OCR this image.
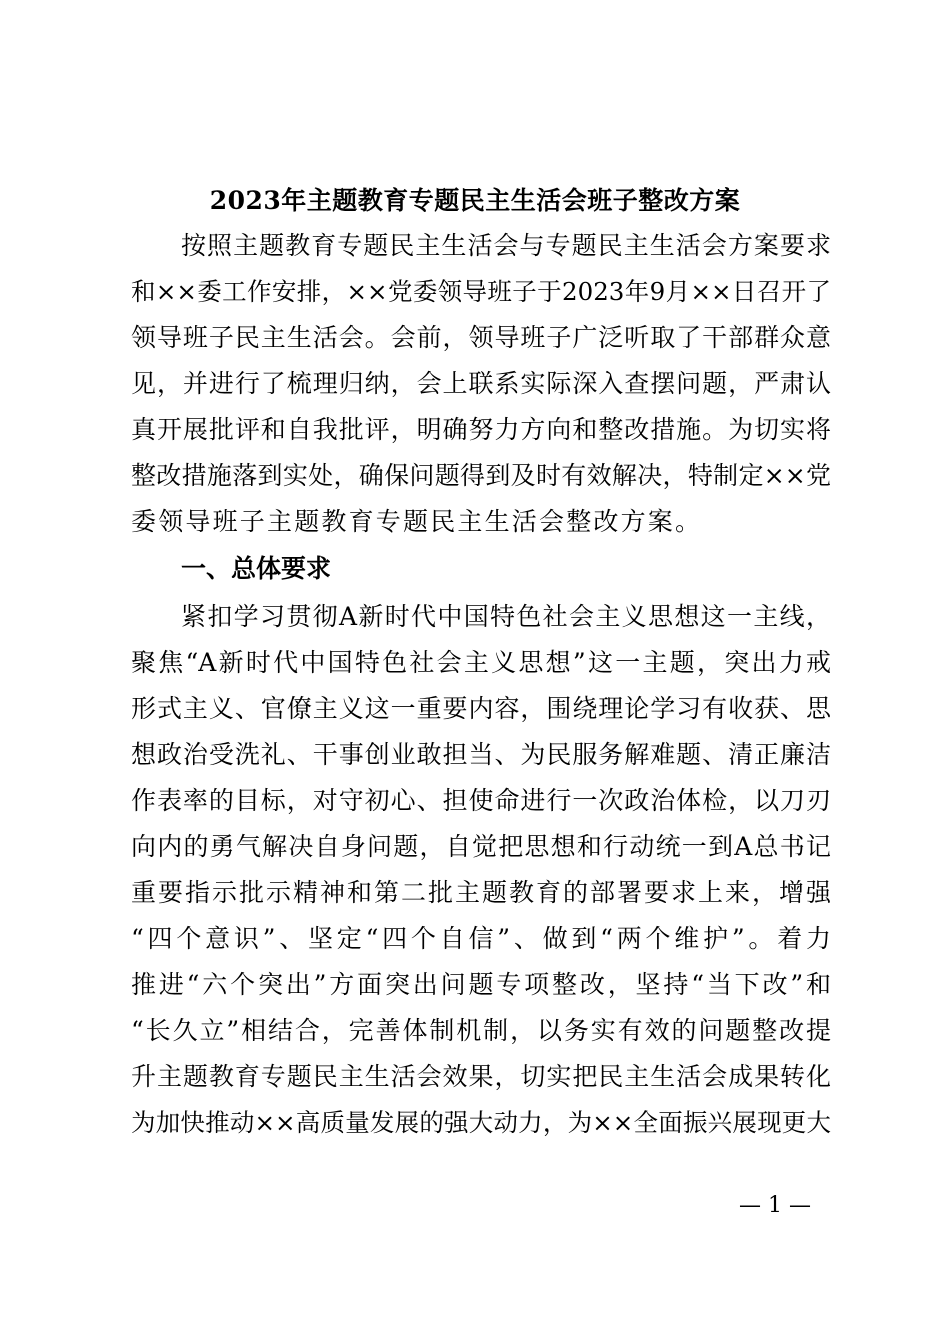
2023年主题教育专题民主生活会班子整改方案
按照主题教育专题民主生活会与专题民主生活会方案要求
和××委工作安排，××党委领导班子于2023年9月××日召开了
领导班子民主生活会。会前，领导班子广泛听取了干部群众意
见，并进行了梳理归纳，会上联系实际深入查摆问题，严肃认
真开展批评和自我批评，明确努力方向和整改措施。为切实将
整改措施落到实处，确保问题得到及时有效解决，特制定××党
委领导班子主题教育专题民主生活会整改方案。
一、总体要求
紧扣学习贯彻A新时代中国特色社会主义思想这一主线，
聚焦“A新时代中国特色社会主义思想”这一主题，突出力戒
形式主义、官僚主义这一重要内容，围绕理论学习有收获、思
想政治受洗礼、干事创业敢担当、为民服务解难题、清正廉洁
作表率的目标，对守初心、担使命进行一次政治体检，以刀刃
向内的勇气解决自身问题，自觉把思想和行动统一到A总书记
重要指示批示精神和第二批主题教育的部署要求上来，增强
“四个意识”、坚定“四个自信”、做到“两个维护”。着力
推进“六个突出”方面突出问题专项整改，坚持“当下改”和
“长久立”相结合，完善体制机制，以务实有效的问题整改提
升主题教育专题民主生活会效果，切实把民主生活会成果转化
为加快推动××高质量发展的强大动力，为××全面振兴展现更大
— 1 —
